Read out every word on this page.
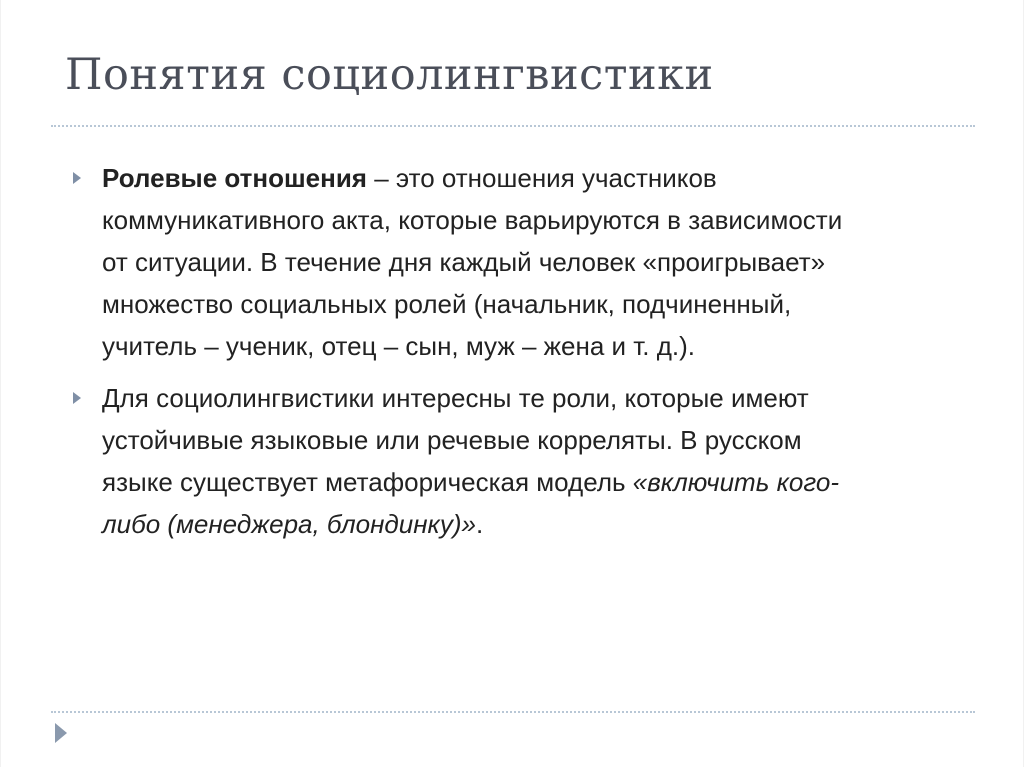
Понятия социолингвистики
Ролевые отношения – это отношения участников коммуникативного акта, которые варьируются в зависимости от ситуации. В течение дня каждый человек «проигрывает» множество социальных ролей (начальник, подчиненный, учитель – ученик, отец – сын, муж – жена и т. д.).
Для социолингвистики интересны те роли, которые имеют устойчивые языковые или речевые корреляты. В русском языке существует метафорическая модель «включить кого-либо (менеджера, блондинку)».
